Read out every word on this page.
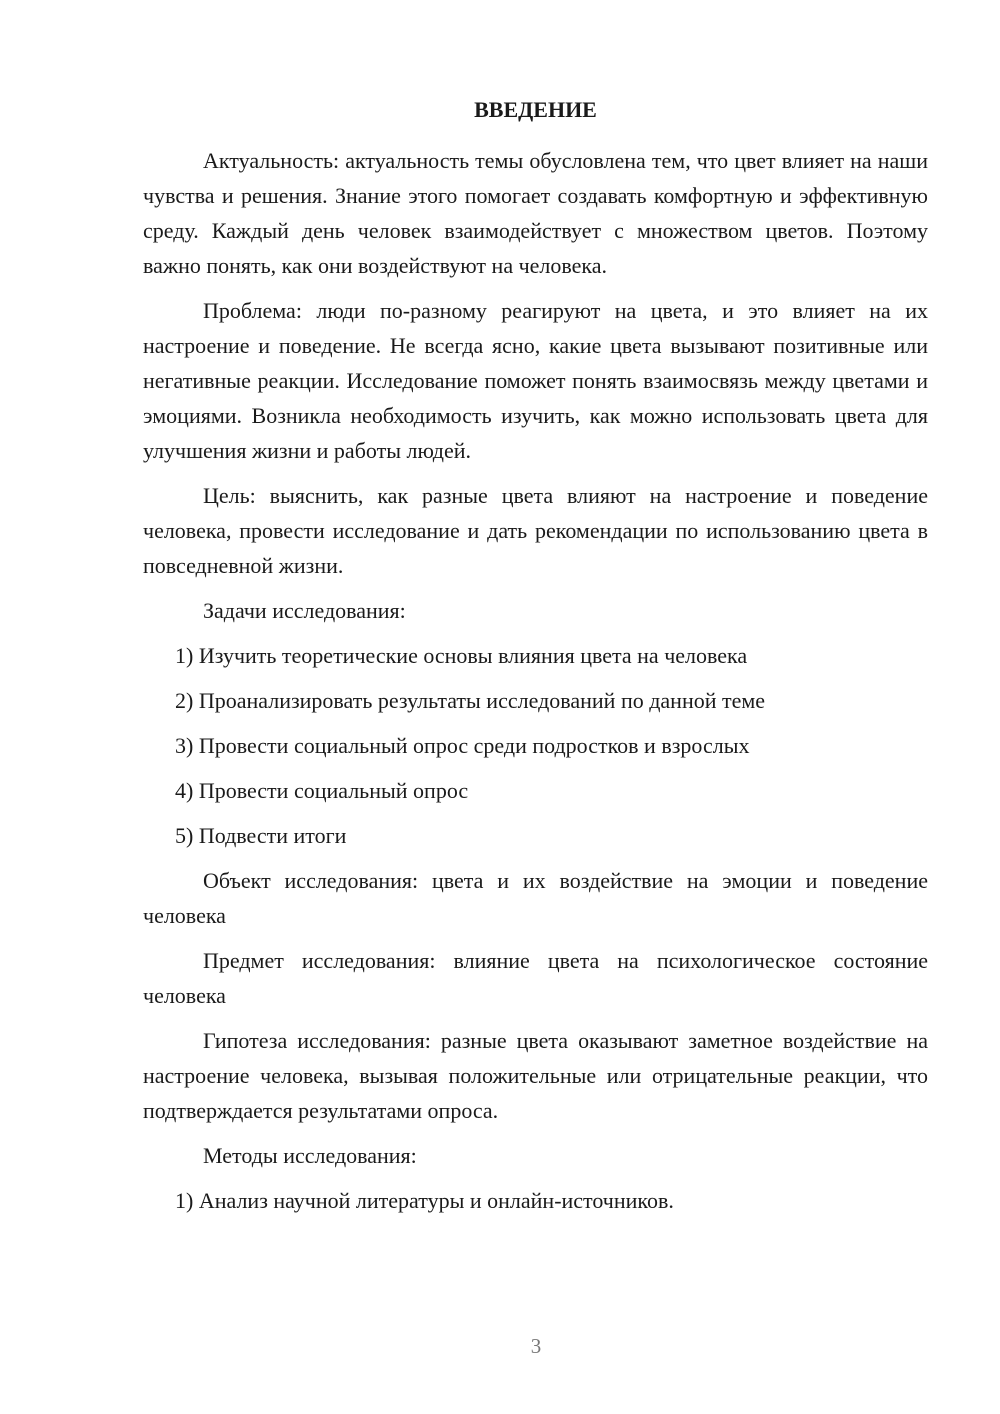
ВВЕДЕНИЕ

Актуальность: актуальность темы обусловлена тем, что цвет влияет на наши чувства и решения. Знание этого помогает создавать комфортную и эффективную среду. Каждый день человек взаимодействует с множеством цветов. Поэтому важно понять, как они воздействуют на человека.

Проблема: люди по-разному реагируют на цвета, и это влияет на их настроение и поведение. Не всегда ясно, какие цвета вызывают позитивные или негативные реакции. Исследование поможет понять взаимосвязь между цветами и эмоциями. Возникла необходимость изучить, как можно использовать цвета для улучшения жизни и работы людей.

Цель: выяснить, как разные цвета влияют на настроение и поведение человека, провести исследование и дать рекомендации по использованию цвета в повседневной жизни.

Задачи исследования:

1) Изучить теоретические основы влияния цвета на человека
2) Проанализировать результаты исследований по данной теме
3) Провести социальный опрос среди подростков и взрослых
4) Провести социальный опрос
5) Подвести итоги

Объект исследования: цвета и их воздействие на эмоции и поведение человека

Предмет исследования: влияние цвета на психологическое состояние человека

Гипотеза исследования: разные цвета оказывают заметное воздействие на настроение человека, вызывая положительные или отрицательные реакции, что подтверждается результатами опроса.

Методы исследования:

1) Анализ научной литературы и онлайн-источников.
3
